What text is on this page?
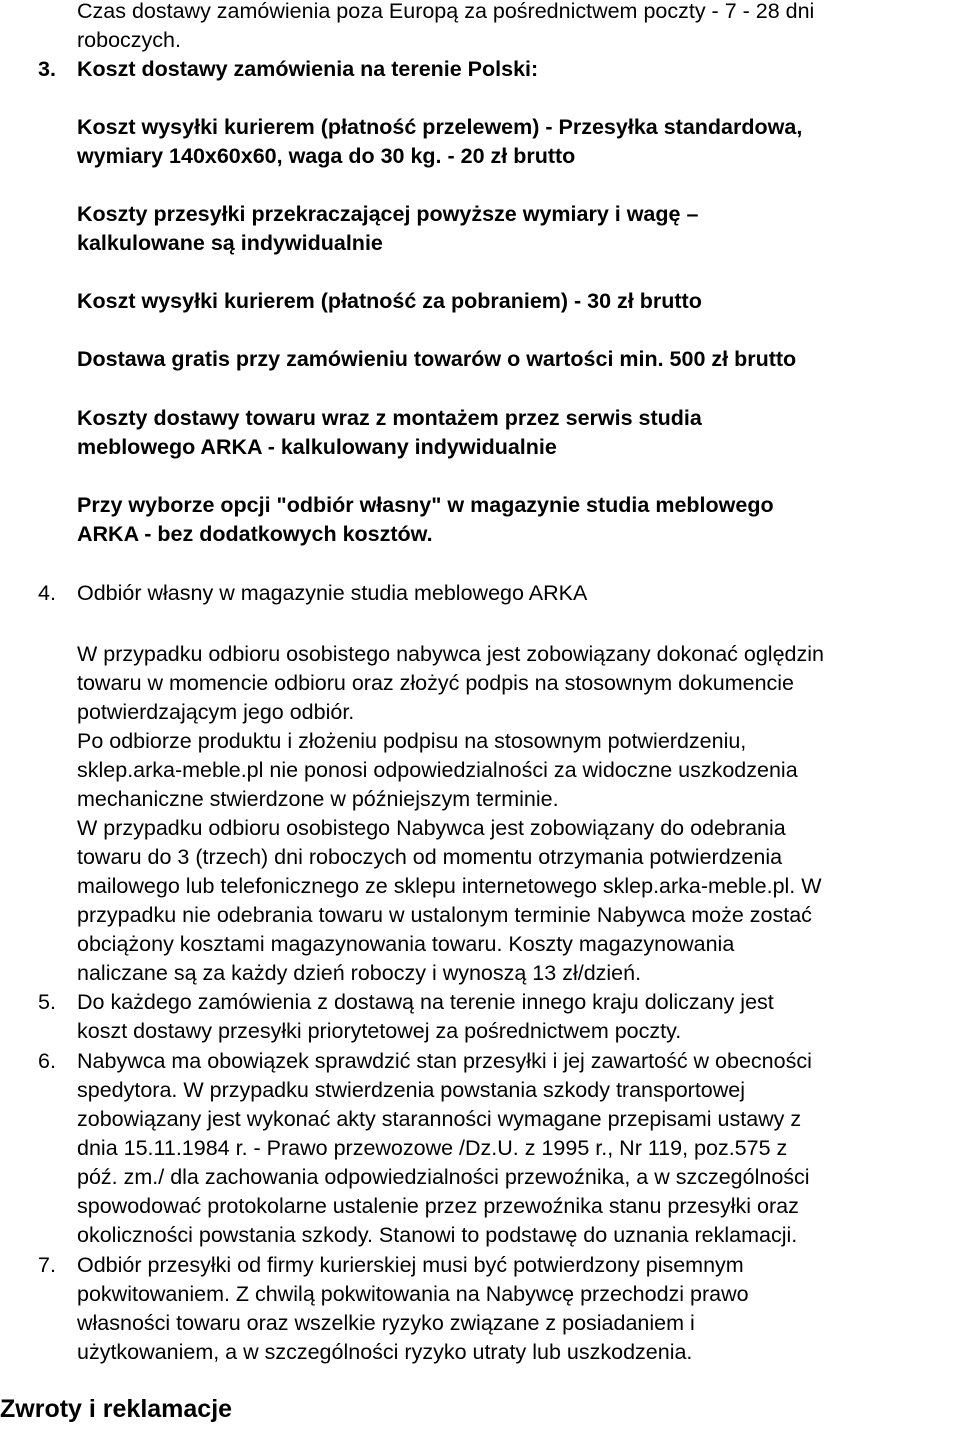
Czas dostawy zamówienia poza Europą za pośrednictwem poczty - 7 - 28 dni
roboczych.
3. Koszt dostawy zamówienia na terenie Polski:
Koszt wysyłki kurierem (płatność przelewem) - Przesyłka standardowa,
wymiary 140x60x60, waga do 30 kg. - 20 zł brutto
Koszty przesyłki przekraczającej powyższe wymiary i wagę –
kalkulowane są indywidualnie
Koszt wysyłki kurierem (płatność za pobraniem) - 30 zł brutto
Dostawa gratis przy zamówieniu towarów o wartości min. 500 zł brutto
Koszty dostawy towaru wraz z montażem przez serwis studia
meblowego ARKA - kalkulowany indywidualnie
Przy wyborze opcji "odbiór własny" w magazynie studia meblowego
ARKA - bez dodatkowych kosztów.
4. Odbiór własny w magazynie studia meblowego ARKA
W przypadku odbioru osobistego nabywca jest zobowiązany dokonać oględzin
towaru w momencie odbioru oraz złożyć podpis na stosownym dokumencie
potwierdzającym jego odbiór.
Po odbiorze produktu i złożeniu podpisu na stosownym potwierdzeniu,
sklep.arka-meble.pl nie ponosi odpowiedzialności za widoczne uszkodzenia
mechaniczne stwierdzone w późniejszym terminie.
W przypadku odbioru osobistego Nabywca jest zobowiązany do odebrania
towaru do 3 (trzech) dni roboczych od momentu otrzymania potwierdzenia
mailowego lub telefonicznego ze sklepu internetowego sklep.arka-meble.pl. W
przypadku nie odebrania towaru w ustalonym terminie Nabywca może zostać
obciążony kosztami magazynowania towaru. Koszty magazynowania
naliczane są za każdy dzień roboczy i wynoszą 13 zł/dzień.
5. Do każdego zamówienia z dostawą na terenie innego kraju doliczany jest
koszt dostawy przesyłki priorytetowej za pośrednictwem poczty.
6. Nabywca ma obowiązek sprawdzić stan przesyłki i jej zawartość w obecności
spedytora. W przypadku stwierdzenia powstania szkody transportowej
zobowiązany jest wykonać akty staranności wymagane przepisami ustawy z
dnia 15.11.1984 r. - Prawo przewozowe /Dz.U. z 1995 r., Nr 119, poz.575 z
póź. zm./ dla zachowania odpowiedzialności przewoźnika, a w szczególności
spowodować protokolarne ustalenie przez przewoźnika stanu przesyłki oraz
okoliczności powstania szkody. Stanowi to podstawę do uznania reklamacji.
7. Odbiór przesyłki od firmy kurierskiej musi być potwierdzony pisemnym
pokwitowaniem. Z chwilą pokwitowania na Nabywcę przechodzi prawo
własności towaru oraz wszelkie ryzyko związane z posiadaniem i
użytkowaniem, a w szczególności ryzyko utraty lub uszkodzenia.
Zwroty i reklamacje
